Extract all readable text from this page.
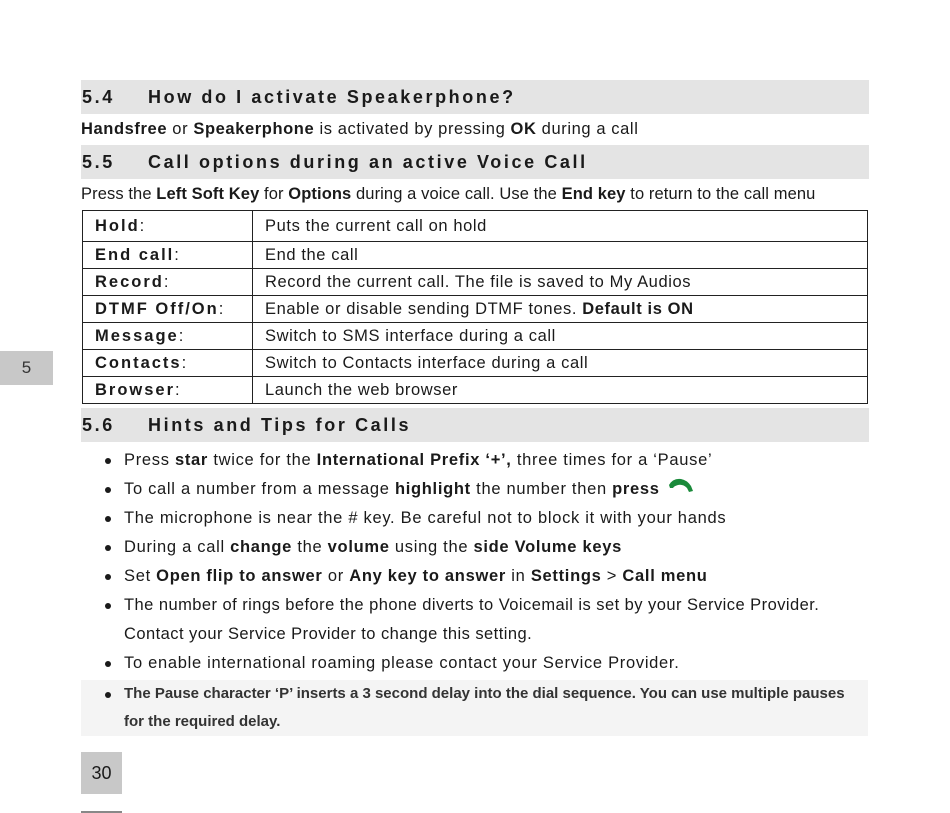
5
5.4 How do I activate Speakerphone?
Handsfree or Speakerphone is activated by pressing OK during a call
5.5 Call options during an active Voice Call
Press the Left Soft Key for Options during a voice call. Use the End key to return to the call menu
Hold:	Puts the current call on hold
End call:	End the call
Record:	Record the current call. The file is saved to My Audios
DTMF Off/On:	Enable or disable sending DTMF tones. Default is ON
Message:	Switch to SMS interface during a call
Contacts:	Switch to Contacts interface during a call
Browser:	Launch the web browser
5.6 Hints and Tips for Calls
Press star twice for the International Prefix ‘+’, three times for a ‘Pause’
To call a number from a message highlight the number then press
The microphone is near the # key. Be careful not to block it with your hands
During a call change the volume using the side Volume keys
Set Open flip to answer or Any key to answer in Settings > Call menu
The number of rings before the phone diverts to Voicemail is set by your Service Provider. Contact your Service Provider to change this setting.
To enable international roaming please contact your Service Provider.
The Pause character ‘P’ inserts a 3 second delay into the dial sequence. You can use multiple pauses for the required delay.
30
